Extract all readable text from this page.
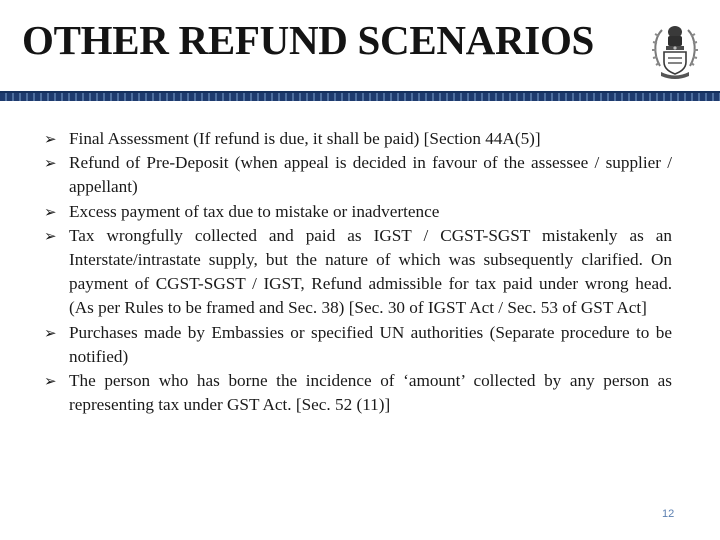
OTHER REFUND SCENARIOS
➢ Final Assessment (If refund is due, it shall be paid) [Section 44A(5)]
➢ Refund of Pre-Deposit (when appeal is decided in favour of the assessee / supplier / appellant)
➢ Excess payment of tax due to mistake or inadvertence
➢ Tax wrongfully collected and paid as IGST / CGST-SGST mistakenly as an Interstate/intrastate supply, but the nature of which was subsequently clarified. On payment of CGST-SGST / IGST, Refund admissible for tax paid under wrong head. (As per Rules to be framed and Sec. 38) [Sec. 30 of IGST Act / Sec. 53 of GST Act]
➢ Purchases made by Embassies or specified UN authorities (Separate procedure to be notified)
➢ The person who has borne the incidence of ‘amount’ collected by any person as representing tax under GST Act. [Sec. 52 (11)]
12
